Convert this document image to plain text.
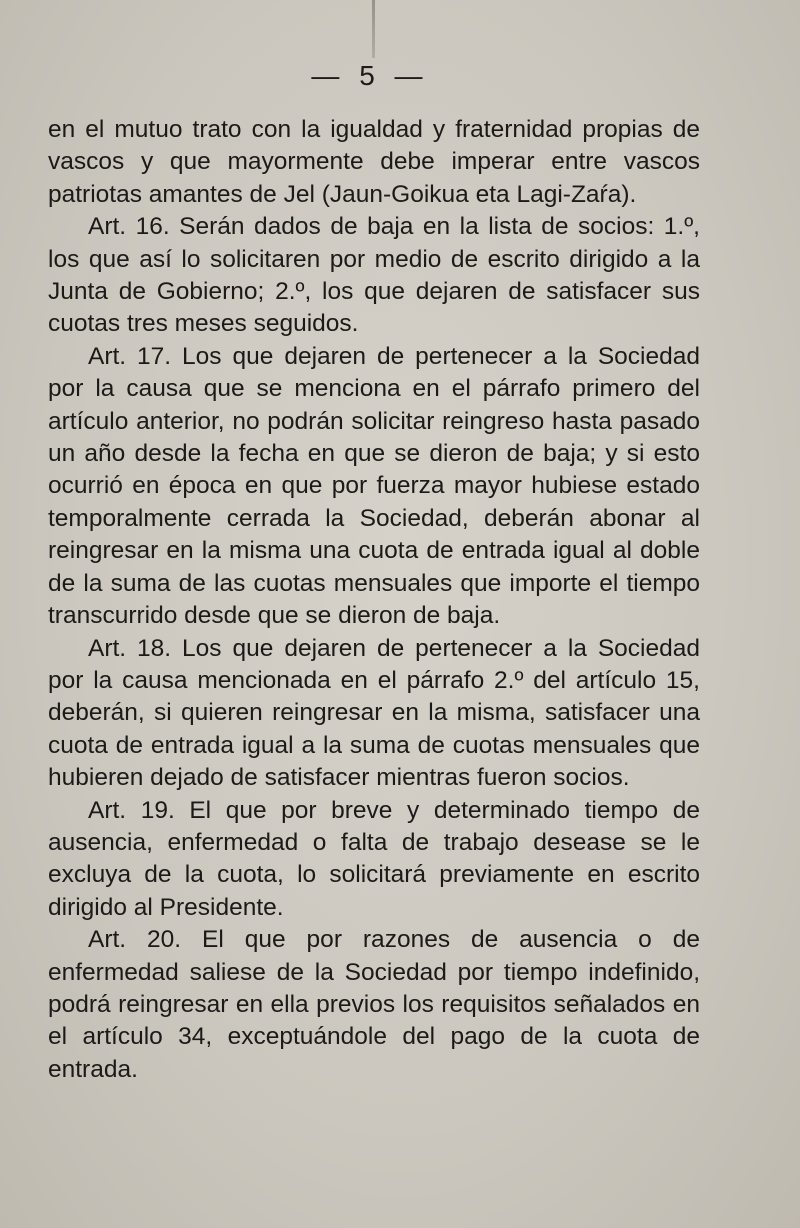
— 5 —

en el mutuo trato con la igualdad y fraternidad propias de vascos y que mayormente debe imperar entre vascos patriotas amantes de Jel (Jaun-Goikua eta Lagi-Zaŕa).

Art. 16. Serán dados de baja en la lista de socios: 1.º, los que así lo solicitaren por medio de escrito dirigido a la Junta de Gobierno; 2.º, los que dejaren de satisfacer sus cuotas tres meses seguidos.

Art. 17. Los que dejaren de pertenecer a la Sociedad por la causa que se menciona en el párrafo primero del artículo anterior, no podrán solicitar reingreso hasta pasado un año desde la fecha en que se dieron de baja; y si esto ocurrió en época en que por fuerza mayor hubiese estado temporalmente cerrada la Sociedad, deberán abonar al reingresar en la misma una cuota de entrada igual al doble de la suma de las cuotas mensuales que importe el tiempo transcurrido desde que se dieron de baja.

Art. 18. Los que dejaren de pertenecer a la Sociedad por la causa mencionada en el párrafo 2.º del artículo 15, deberán, si quieren reingresar en la misma, satisfacer una cuota de entrada igual a la suma de cuotas mensuales que hubieren dejado de satisfacer mientras fueron socios.

Art. 19. El que por breve y determinado tiempo de ausencia, enfermedad o falta de trabajo desease se le excluya de la cuota, lo solicitará previamente en escrito dirigido al Presidente.

Art. 20. El que por razones de ausencia o de enfermedad saliese de la Sociedad por tiempo indefinido, podrá reingresar en ella previos los requisitos señalados en el artículo 34, exceptuándole del pago de la cuota de entrada.
